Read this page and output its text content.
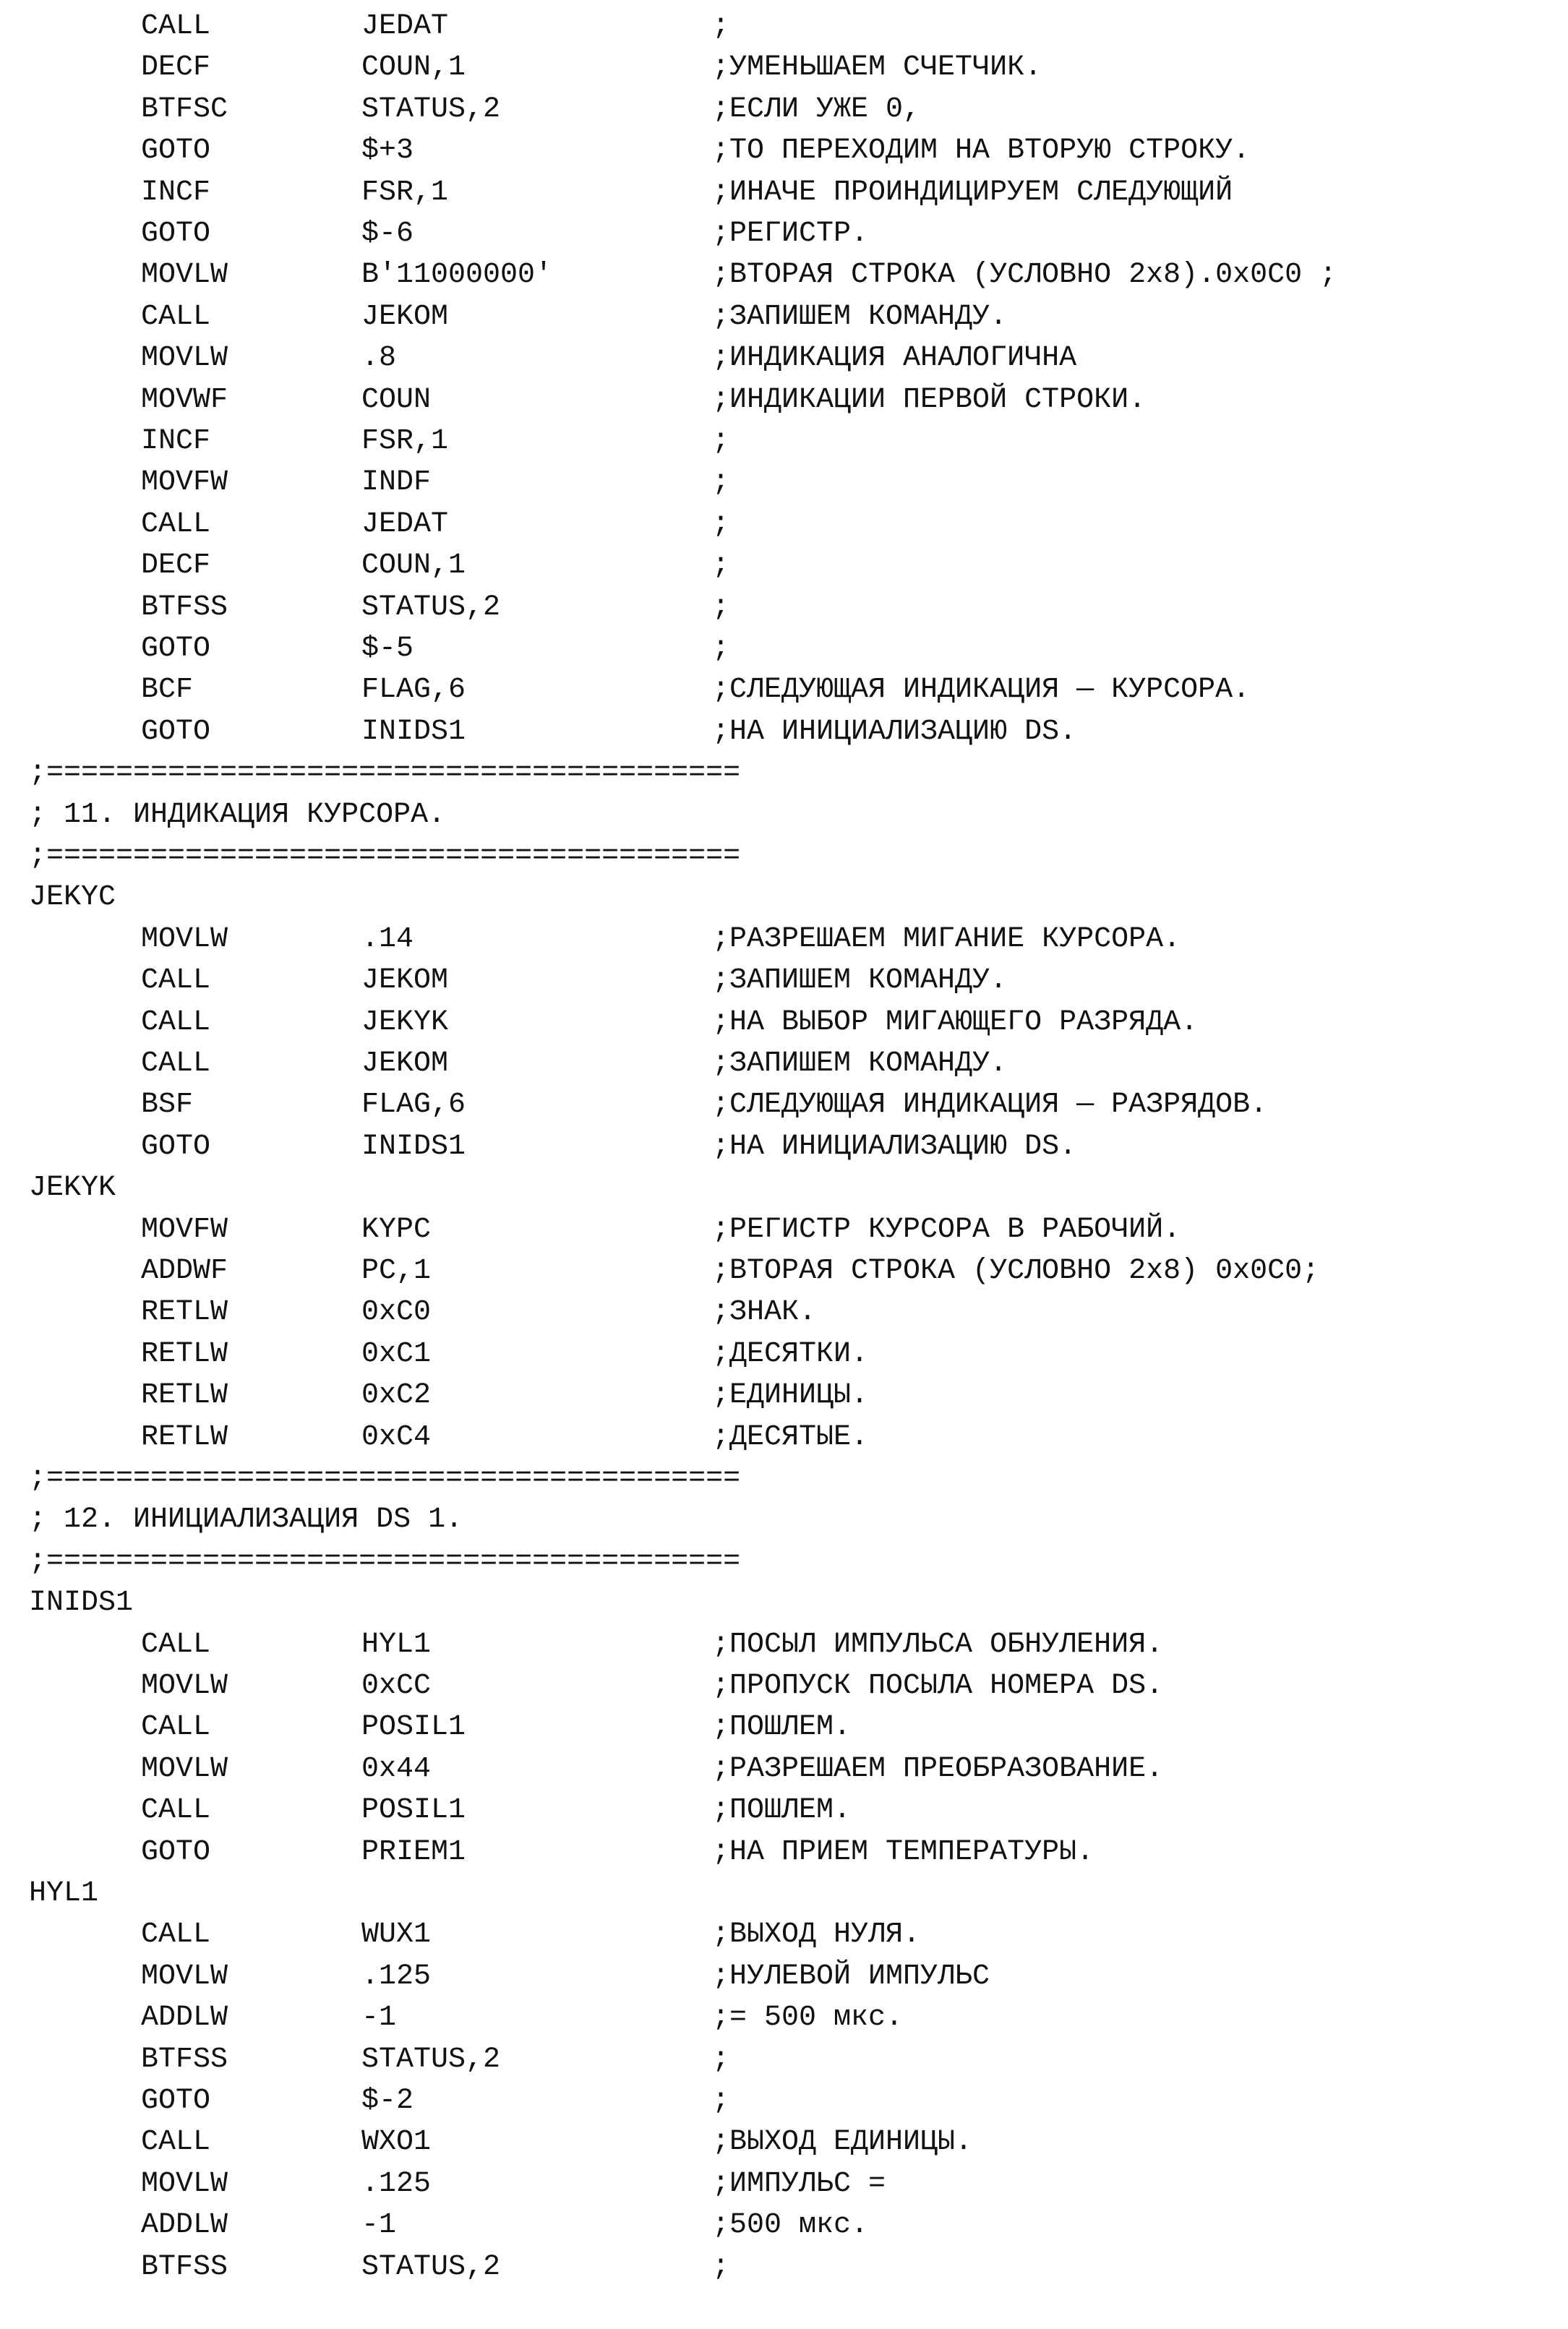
CALL	JEDAT	;
DECF	COUN,1	;УМЕНЬШАЕМ СЧЕТЧИК.
BTFSC	STATUS,2	;ЕСЛИ УЖЕ 0,
GOTO	$+3	;ТО ПЕРЕХОДИМ НА ВТОРУЮ СТРОКУ.
INCF	FSR,1	;ИНАЧЕ ПРОИНДИЦИРУЕМ СЛЕДУЮЩИЙ
GOTO	$-6	;РЕГИСТР.
MOVLW	B'11000000'	;ВТОРАЯ СТРОКА (УСЛОВНО 2x8).0x0C0 ;
CALL	JEKOM	;ЗАПИШЕМ КОМАНДУ.
MOVLW	.8	;ИНДИКАЦИЯ АНАЛОГИЧНА
MOVWF	COUN	;ИНДИКАЦИИ ПЕРВОЙ СТРОКИ.
INCF	FSR,1	;
MOVFW	INDF	;
CALL	JEDAT	;
DECF	COUN,1	;
BTFSS	STATUS,2	;
GOTO	$-5	;
BCF	FLAG,6	;СЛЕДУЮЩАЯ ИНДИКАЦИЯ — КУРСОРА.
GOTO	INIDS1	;НА ИНИЦИАЛИЗАЦИЮ DS.
;========================================
; 11. ИНДИКАЦИЯ КУРСОРА.
;========================================
JEKYC
MOVLW	.14	;РАЗРЕШАЕМ МИГАНИЕ КУРСОРА.
CALL	JEKOM	;ЗАПИШЕМ КОМАНДУ.
CALL	JEKYK	;НА ВЫБОР МИГАЮЩЕГО РАЗРЯДА.
CALL	JEKOM	;ЗАПИШЕМ КОМАНДУ.
BSF	FLAG,6	;СЛЕДУЮЩАЯ ИНДИКАЦИЯ — РАЗРЯДОВ.
GOTO	INIDS1	;НА ИНИЦИАЛИЗАЦИЮ DS.
JEKYK
MOVFW	KYPC	;РЕГИСТР КУРСОРА В РАБОЧИЙ.
ADDWF	PC,1	;ВТОРАЯ СТРОКА (УСЛОВНО 2x8) 0x0C0;
RETLW	0xC0	;ЗНАК.
RETLW	0xC1	;ДЕСЯТКИ.
RETLW	0xC2	;ЕДИНИЦЫ.
RETLW	0xC4	;ДЕСЯТЫЕ.
;========================================
; 12. ИНИЦИАЛИЗАЦИЯ DS 1.
;========================================
INIDS1
CALL	HYL1	;ПОСЫЛ ИМПУЛЬСА ОБНУЛЕНИЯ.
MOVLW	0xCC	;ПРОПУСК ПОСЫЛА НОМЕРА DS.
CALL	POSIL1	;ПОШЛЕМ.
MOVLW	0x44	;РАЗРЕШАЕМ ПРЕОБРАЗОВАНИЕ.
CALL	POSIL1	;ПОШЛЕМ.
GOTO	PRIEM1	;НА ПРИЕМ ТЕМПЕРАТУРЫ.
HYL1
CALL	WUX1	;ВЫХОД НУЛЯ.
MOVLW	.125	;НУЛЕВОЙ ИМПУЛЬС
ADDLW	-1	;= 500 мкс.
BTFSS	STATUS,2	;
GOTO	$-2	;
CALL	WXO1	;ВЫХОД ЕДИНИЦЫ.
MOVLW	.125	;ИМПУЛЬС =
ADDLW	-1	;500 мкс.
BTFSS	STATUS,2	;
